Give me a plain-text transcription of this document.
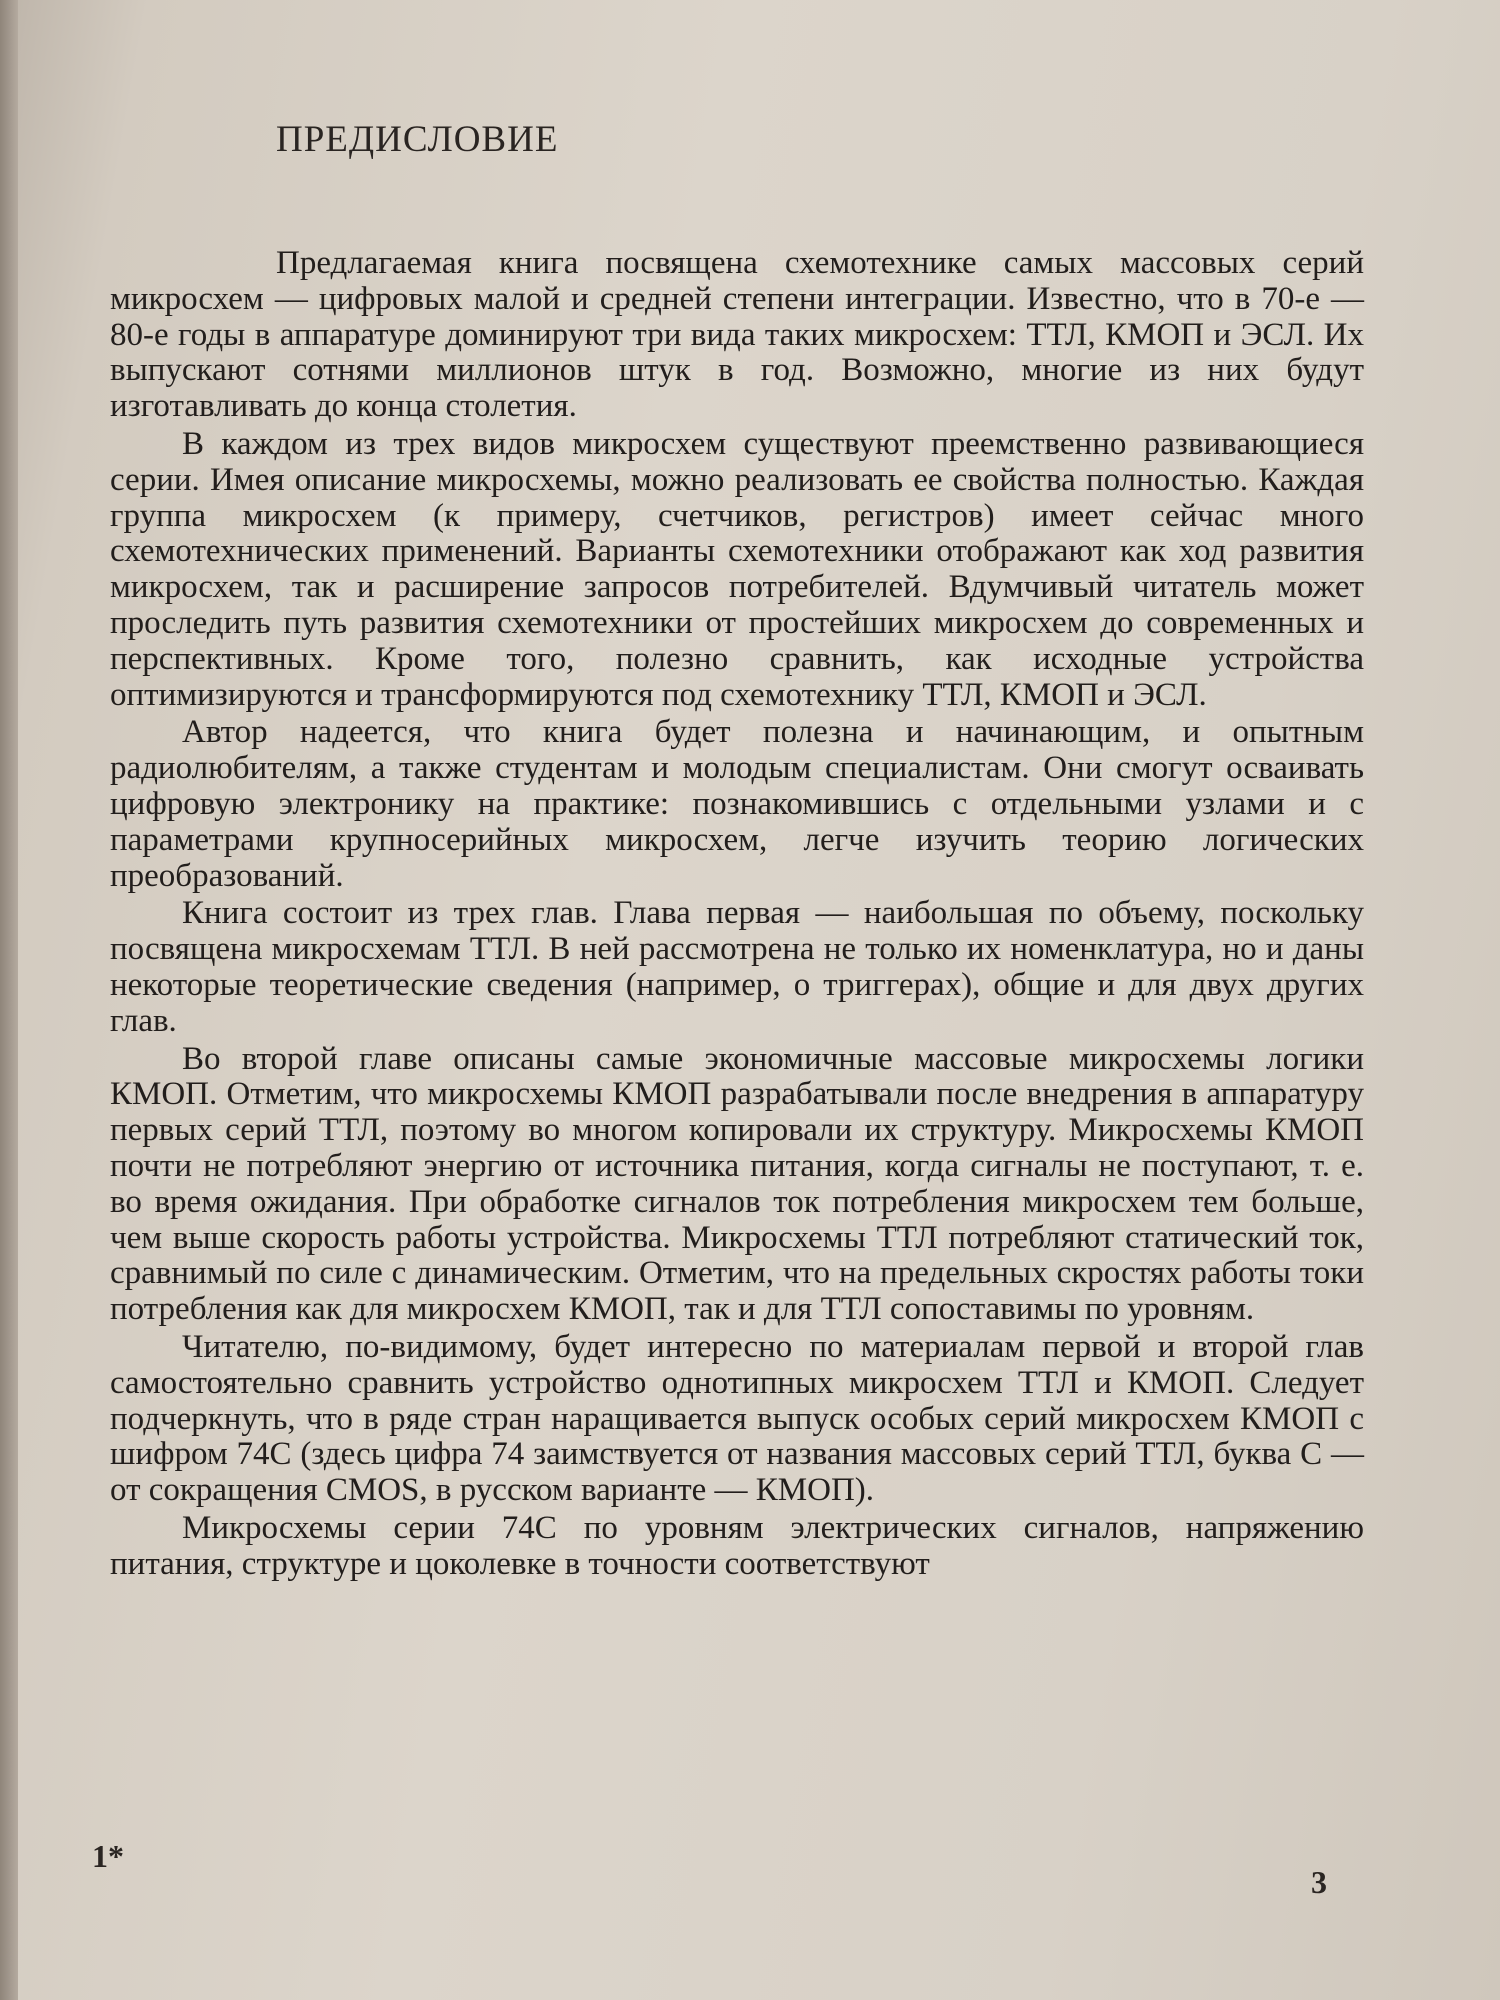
ПРЕДИСЛОВИЕ

Предлагаемая книга посвящена схемотехнике самых массовых серий микросхем — цифровых малой и средней степени интеграции. Известно, что в 70-е — 80-е годы в аппаратуре доминируют три вида таких микросхем: ТТЛ, КМОП и ЭСЛ. Их выпускают сотнями миллионов штук в год. Возможно, многие из них будут изготавливать до конца столетия.

В каждом из трех видов микросхем существуют преемственно развивающиеся серии. Имея описание микросхемы, можно реализовать ее свойства полностью. Каждая группа микросхем (к примеру, счетчиков, регистров) имеет сейчас много схемотехнических применений. Варианты схемотехники отображают как ход развития микросхем, так и расширение запросов потребителей. Вдумчивый читатель может проследить путь развития схемотехники от простейших микросхем до современных и перспективных. Кроме того, полезно сравнить, как исходные устройства оптимизируются и трансформируются под схемотехнику ТТЛ, КМОП и ЭСЛ.

Автор надеется, что книга будет полезна и начинающим, и опытным радиолюбителям, а также студентам и молодым специалистам. Они смогут осваивать цифровую электронику на практике: познакомившись с отдельными узлами и с параметрами крупносерийных микросхем, легче изучить теорию логических преобразований.

Книга состоит из трех глав. Глава первая — наибольшая по объему, поскольку посвящена микросхемам ТТЛ. В ней рассмотрена не только их номенклатура, но и даны некоторые теоретические сведения (например, о триггерах), общие и для двух других глав.

Во второй главе описаны самые экономичные массовые микросхемы логики КМОП. Отметим, что микросхемы КМОП разрабатывали после внедрения в аппаратуру первых серий ТТЛ, поэтому во многом копировали их структуру. Микросхемы КМОП почти не потребляют энергию от источника питания, когда сигналы не поступают, т. е. во время ожидания. При обработке сигналов ток потребления микросхем тем больше, чем выше скорость работы устройства. Микросхемы ТТЛ потребляют статический ток, сравнимый по силе с динамическим. Отметим, что на предельных скростях работы токи потребления как для микросхем КМОП, так и для ТТЛ сопоставимы по уровням.

Читателю, по-видимому, будет интересно по материалам первой и второй глав самостоятельно сравнить устройство однотипных микросхем ТТЛ и КМОП. Следует подчеркнуть, что в ряде стран наращивается выпуск особых серий микросхем КМОП с шифром 74С (здесь цифра 74 заимствуется от названия массовых серий ТТЛ, буква С — от сокращения CMOS, в русском варианте — КМОП).

Микросхемы серии 74С по уровням электрических сигналов, напряжению питания, структуре и цоколевке в точности соответствуют

1*
3
